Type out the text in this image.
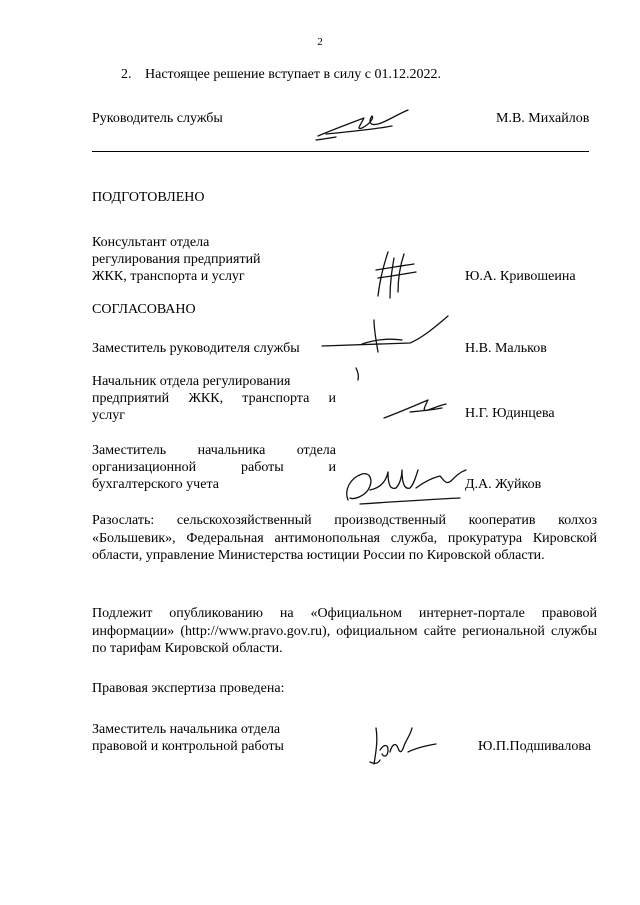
2
2. Настоящее решение вступает в силу с 01.12.2022.
Руководитель службы	М.В. Михайлов
ПОДГОТОВЛЕНО
Консультант отдела
регулирования предприятий
ЖКК, транспорта и услуг	Ю.А. Кривошеина
СОГЛАСОВАНО
Заместитель руководителя службы	Н.В. Мальков
Начальник отдела регулирования
предприятий ЖКК, транспорта и
услуг	Н.Г. Юдинцева
Заместитель начальника отдела
организационной работы и
бухгалтерского учета	Д.А. Жуйков

Разослать: сельскохозяйственный производственный кооператив колхоз «Большевик», Федеральная антимонопольная служба, прокуратура Кировской области, управление Министерства юстиции России по Кировской области.

Подлежит опубликованию на «Официальном интернет-портале правовой информации» (http://www.pravo.gov.ru), официальном сайте региональной службы по тарифам Кировской области.

Правовая экспертиза проведена:
Заместитель начальника отдела
правовой и контрольной работы	Ю.П.Подшивалова
